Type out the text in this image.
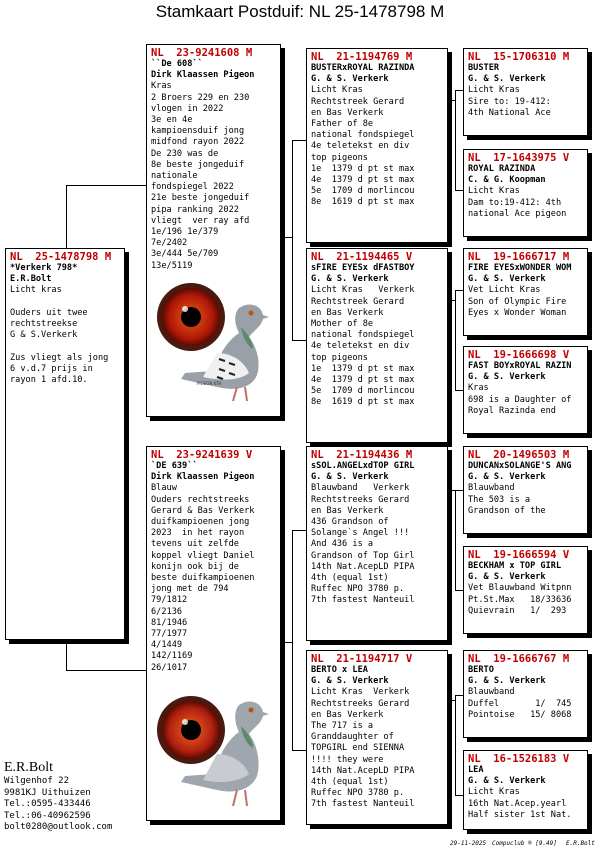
Stamkaart Postduif: NL 25-1478798 M
NL  25-1478798 M
*Verkerk 798*
E.R.Bolt
Licht kras

Ouders uit twee
rechtstreekse
G & S.Verkerk

Zus vliegt als jong
6 v.d.7 prijs in
rayon 1 afd.10.
NL  23-9241608 M
``De 608``
Dirk Klaassen Pigeon
Kras
2 Broers 229 en 230
vlogen in 2022
3e en 4e
kampioensduif jong
midfond rayon 2022
De 230 was de
8e beste jongeduif
nationale
fondspiegel 2022
21e beste jongeduif
pipa ranking 2022
vliegt  ver ray afd
1e/196 1e/379
7e/2402
3e/444 5e/709
13e/5119
NL  23-9241639 V
`DE 639``
Dirk Klaassen Pigeon
Blauw
Ouders rechtstreeks
Gerard & Bas Verkerk
duifkampioenen jong
2023  in het rayon
tevens uit zelfde
koppel vliegt Daniel
konijn ook bij de
beste duifkampioenen
jong met de 794
79/1812
6/2136
81/1946
77/1977
4/1449
142/1169
26/1017
PIGEON KTH
NL  21-1194769 M
BUSTERxROYAL RAZINDA
G. & S. Verkerk
Licht Kras
Rechtstreek Gerard
en Bas Verkerk
Father of 8e
national fondspiegel
4e teletekst en div
top pigeons
1e  1379 d pt st max
4e  1379 d pt st max
5e  1709 d morlincou
8e  1619 d pt st max
NL  21-1194465 V
sFIRE EYESx dFASTBOY
G. & S. Verkerk
Licht Kras   Verkerk
Rechtstreek Gerard
en Bas Verkerk
Mother of 8e
national fondspiegel
4e teletekst en div
top pigeons
1e  1379 d pt st max
4e  1379 d pt st max
5e  1709 d morlincou
8e  1619 d pt st max
NL  21-1194436 M
sSOL.ANGELxdTOP GIRL
G. & S. Verkerk
Blauwband   Verkerk
Rechtstreeks Gerard
en Bas Verkerk
436 Grandson of
Solange`s Angel !!!
And 436 is a
Grandson of Top Girl
14th Nat.AcepLD PIPA
4th (equal 1st)
Ruffec NPO 3780 p.
7th fastest Nanteuil
NL  21-1194717 V
BERTO x LEA
G. & S. Verkerk
Licht Kras  Verkerk
Rechtstreeks Gerard
en Bas Verkerk
The 717 is a
Granddaughter of
TOPGIRL end SIENNA
!!!! they were
14th Nat.AcepLD PIPA
4th (equal 1st)
Ruffec NPO 3780 p.
7th fastest Nanteuil
NL  15-1706310 M
BUSTER
G. & S. Verkerk
Licht Kras
Sire to: 19-412:
4th National Ace
NL  17-1643975 V
ROYAL RAZINDA
C. & G. Koopman
Licht Kras
Dam to:19-412: 4th
national Ace pigeon
NL  19-1666717 M
FIRE EYESxWONDER WOM
G. & S. Verkerk
Vet Licht Kras
Son of Olympic Fire
Eyes x Wonder Woman
NL  19-1666698 V
FAST BOYxROYAL RAZIN
G. & S. Verkerk
Kras
698 is a Daughter of
Royal Razinda end
NL  20-1496503 M
DUNCANxSOLANGE'S ANG
G. & S. Verkerk
Blauwband
The 503 is a
Grandson of the
NL  19-1666594 V
BECKHAM x TOP GIRL
G. & S. Verkerk
Vet Blauwband Witpnn
Pt.St.Max   18/33636
Quievrain   1/  293
NL  19-1666767 M
BERTO
G. & S. Verkerk
Blauwband
Duffel       1/  745
Pointoise   15/ 8068
NL  16-1526183 V
LEA
G. & S. Verkerk
Licht Kras
16th Nat.Acep.yearl
Half sister 1st Nat.
E.R.Bolt
Wilgenhof 22
9981KJ Uithuizen
Tel.:0595-433446
Tel.:06-40962596
bolt0280@outlook.com
29-11-2025 Compuclub ® [9.49] E.R.Bolt
